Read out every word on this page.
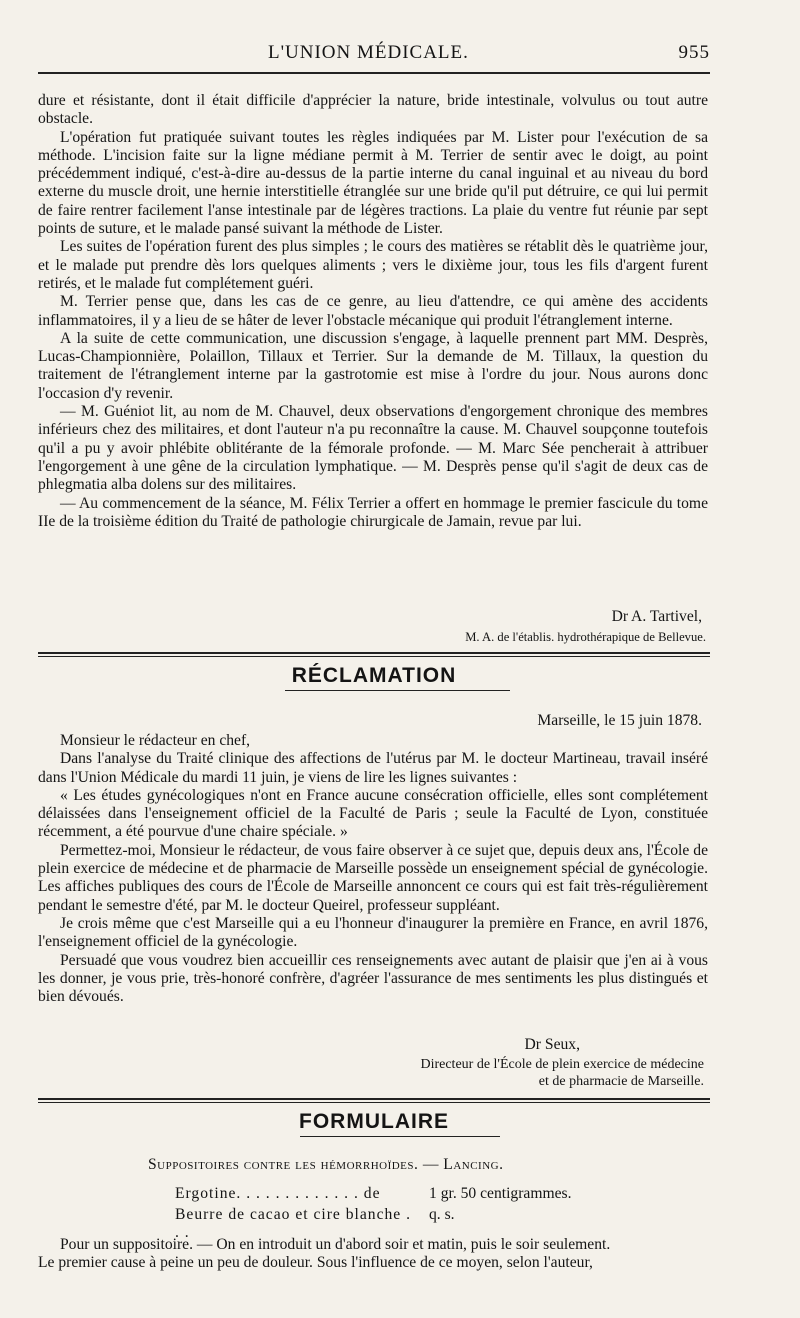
L'UNION MÉDICALE.	955

dure et résistante, dont il était difficile d'apprécier la nature, bride intestinale, volvulus ou tout autre obstacle.

L'opération fut pratiquée suivant toutes les règles indiquées par M. Lister pour l'exécution de sa méthode. L'incision faite sur la ligne médiane permit à M. Terrier de sentir avec le doigt, au point précédemment indiqué, c'est-à-dire au-dessus de la partie interne du canal inguinal et au niveau du bord externe du muscle droit, une hernie interstitielle étranglée sur une bride qu'il put détruire, ce qui lui permit de faire rentrer facilement l'anse intestinale par de légères tractions. La plaie du ventre fut réunie par sept points de suture, et le malade pansé suivant la méthode de Lister.

Les suites de l'opération furent des plus simples ; le cours des matières se rétablit dès le quatrième jour, et le malade put prendre dès lors quelques aliments ; vers le dixième jour, tous les fils d'argent furent retirés, et le malade fut complétement guéri.

M. Terrier pense que, dans les cas de ce genre, au lieu d'attendre, ce qui amène des accidents inflammatoires, il y a lieu de se hâter de lever l'obstacle mécanique qui produit l'étranglement interne.

A la suite de cette communication, une discussion s'engage, à laquelle prennent part MM. Desprès, Lucas-Championnière, Polaillon, Tillaux et Terrier. Sur la demande de M. Tillaux, la question du traitement de l'étranglement interne par la gastrotomie est mise à l'ordre du jour. Nous aurons donc l'occasion d'y revenir.

— M. Guéniot lit, au nom de M. Chauvel, deux observations d'engorgement chronique des membres inférieurs chez des militaires, et dont l'auteur n'a pu reconnaître la cause. M. Chauvel soupçonne toutefois qu'il a pu y avoir phlébite oblitérante de la fémorale profonde. — M. Marc Sée pencherait à attribuer l'engorgement à une gêne de la circulation lymphatique. — M. Desprès pense qu'il s'agit de deux cas de phlegmatia alba dolens sur des militaires.

— Au commencement de la séance, M. Félix Terrier a offert en hommage le premier fascicule du tome IIe de la troisième édition du Traité de pathologie chirurgicale de Jamain, revue par lui.

Dr A. Tartivel,
M. A. de l'établis. hydrothérapique de Bellevue.
RÉCLAMATION
Marseille, le 15 juin 1878.

Monsieur le rédacteur en chef,

Dans l'analyse du Traité clinique des affections de l'utérus par M. le docteur Martineau, travail inséré dans l'Union Médicale du mardi 11 juin, je viens de lire les lignes suivantes :

« Les études gynécologiques n'ont en France aucune consécration officielle, elles sont complétement délaissées dans l'enseignement officiel de la Faculté de Paris ; seule la Faculté de Lyon, constituée récemment, a été pourvue d'une chaire spéciale. »

Permettez-moi, Monsieur le rédacteur, de vous faire observer à ce sujet que, depuis deux ans, l'École de plein exercice de médecine et de pharmacie de Marseille possède un enseignement spécial de gynécologie. Les affiches publiques des cours de l'École de Marseille annoncent ce cours qui est fait très-régulièrement pendant le semestre d'été, par M. le docteur Queirel, professeur suppléant.

Je crois même que c'est Marseille qui a eu l'honneur d'inaugurer la première en France, en avril 1876, l'enseignement officiel de la gynécologie.

Persuadé que vous voudrez bien accueillir ces renseignements avec autant de plaisir que j'en ai à vous les donner, je vous prie, très-honoré confrère, d'agréer l'assurance de mes sentiments les plus distingués et bien dévoués.

Dr Seux,
Directeur de l'École de plein exercice de médecine
et de pharmacie de Marseille.
FORMULAIRE
Suppositoires contre les hémorrhoïdes. — Lancing.
Ergotine. . . . . . . . . . . . . de	1 gr. 50 centigrammes.
Beurre de cacao et cire blanche . . .
q. s.

Pour un suppositoire. — On en introduit un d'abord soir et matin, puis le soir seulement.

Le premier cause à peine un peu de douleur. Sous l'influence de ce moyen, selon l'auteur,
